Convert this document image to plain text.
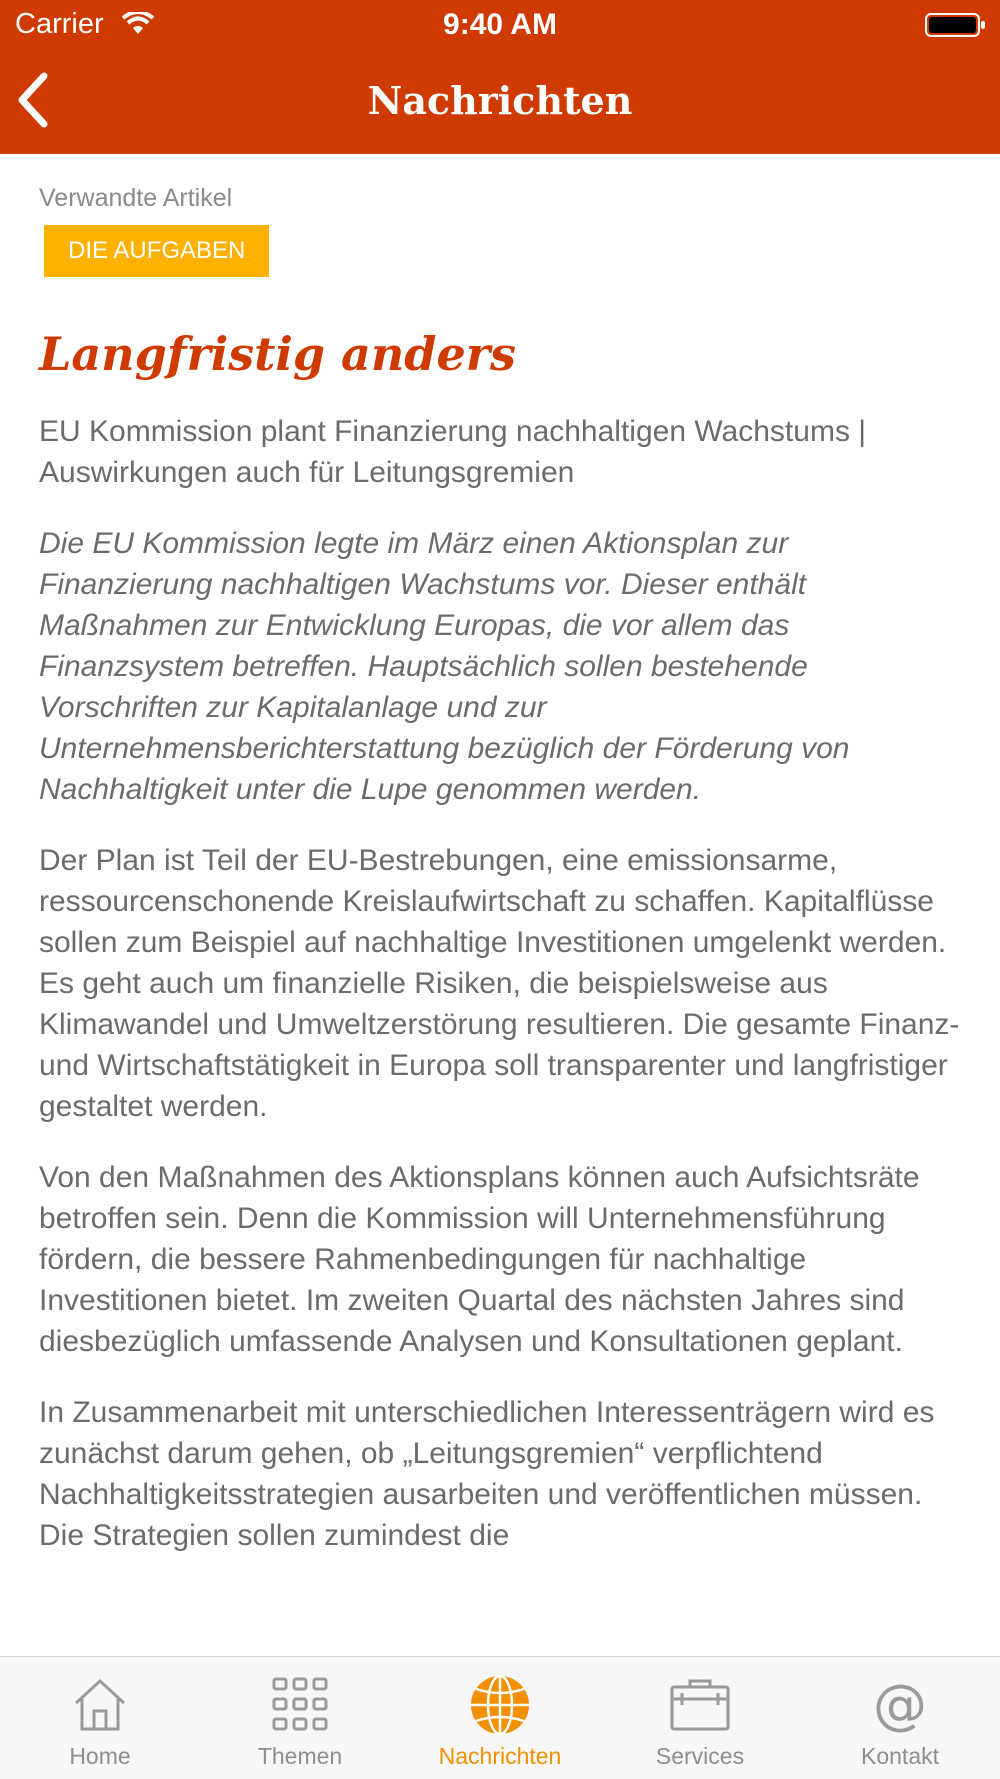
Carrier	9:40 AM
Nachrichten
Verwandte Artikel
DIE AUFGABEN
Langfristig anders

EU Kommission plant Finanzierung nachhaltigen Wachstums | Auswirkungen auch für Leitungsgremien

Die EU Kommission legte im März einen Aktionsplan zur Finanzierung nachhaltigen Wachstums vor. Dieser enthält Maßnahmen zur Entwicklung Europas, die vor allem das Finanzsystem betreffen. Hauptsächlich sollen bestehende Vorschriften zur Kapitalanlage und zur Unternehmensberichterstattung bezüglich der Förderung von Nachhaltigkeit unter die Lupe genommen werden.

Der Plan ist Teil der EU-Bestrebungen, eine emissionsarme, ressourcenschonende Kreislaufwirtschaft zu schaffen. Kapitalflüsse sollen zum Beispiel auf nachhaltige Investitionen umgelenkt werden. Es geht auch um finanzielle Risiken, die beispielsweise aus Klimawandel und Umweltzerstörung resultieren. Die gesamte Finanz- und Wirtschaftstätigkeit in Europa soll transparenter und langfristiger gestaltet werden.

Von den Maßnahmen des Aktionsplans können auch Aufsichtsräte betroffen sein. Denn die Kommission will Unternehmensführung fördern, die bessere Rahmenbedingungen für nachhaltige Investitionen bietet. Im zweiten Quartal des nächsten Jahres sind diesbezüglich umfassende Analysen und Konsultationen geplant.

In Zusammenarbeit mit unterschiedlichen Interessenträgern wird es zunächst darum gehen, ob „Leitungsgremien“ verpflichtend Nachhaltigkeitsstrategien ausarbeiten und veröffentlichen müssen. Die Strategien sollen zumindest die

Home	Themen	Nachrichten	Services
@
Kontakt
